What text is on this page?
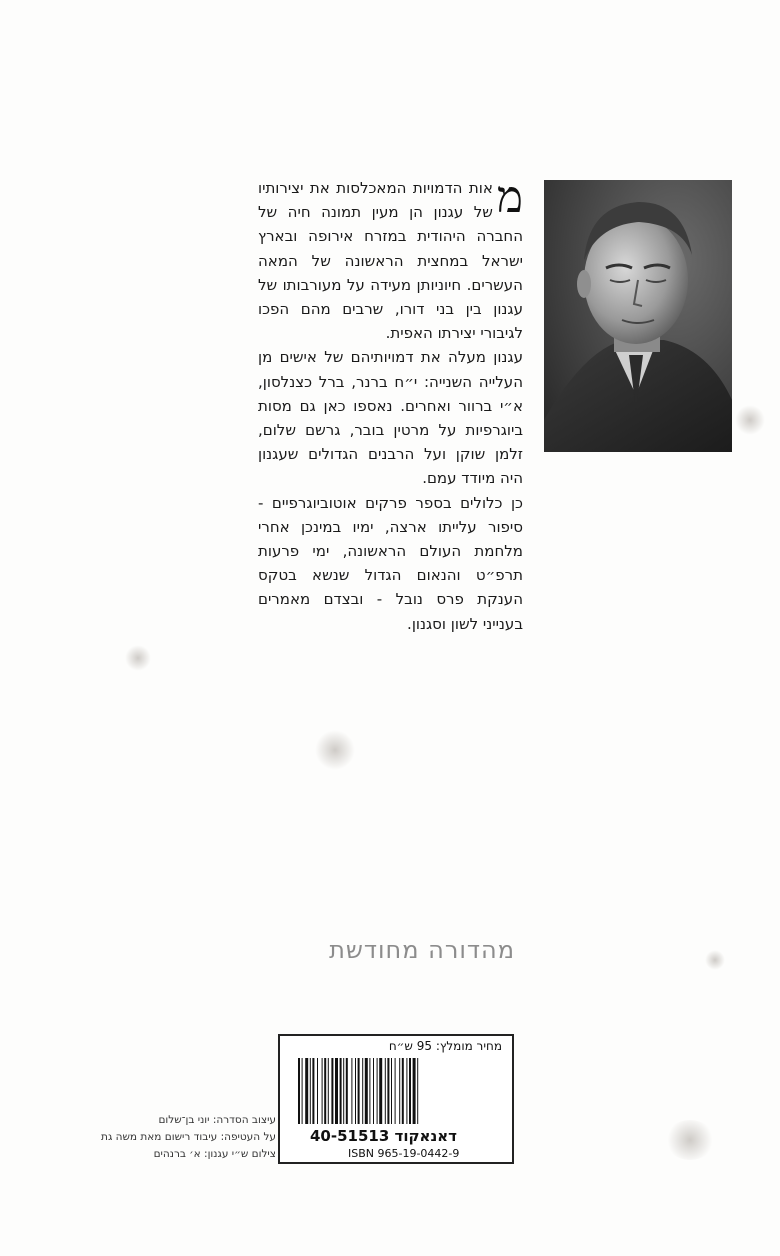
מ
אות הדמויות המאכלסות את יצירותיו של עגנון הן מעין תמונה חיה של החברה היהודית במזרח אירופה ובארץ ישראל במחצית הראשונה של המאה העשרים. חיוניותן מעידה על מעורבותו של עגנון בין בני דורו, שרבים מהם הפכו לגיבורי יצירתו האפית.

עגנון מעלה את דמויותיהם של אישים מן העלייה השנייה: י״ח ברנר, ברל כצנלסון, א״י ברוור ואחרים. נאספו כאן גם מסות ביוגרפיות על מרטין בובר, גרשם שלום, זלמן שוקן ועל הרבנים הגדולים שעגנון היה מיודד עמם.

כן כלולים בספר פרקים אוטוביוגרפיים - סיפור עלייתו ארצה, ימיו במינכן אחרי מלחמת העולם הראשונה, ימי פרעות תרפ״ט והנאום הגדול שנשא בטקס הענקת פרס נובל - ובצדם מאמרים בענייני לשון וסגנון.

מהדורה מחודשת
מחיר מומלץ: 95 ש״ח
40-51513 דאנאקוד
ISBN 965-19-0442-9
עיצוב הסדרה: יוני בן־שלום
על העטיפה: עיבוד רישום מאת משה גת
צילום ש״י עגנון: א׳ ברנהים
